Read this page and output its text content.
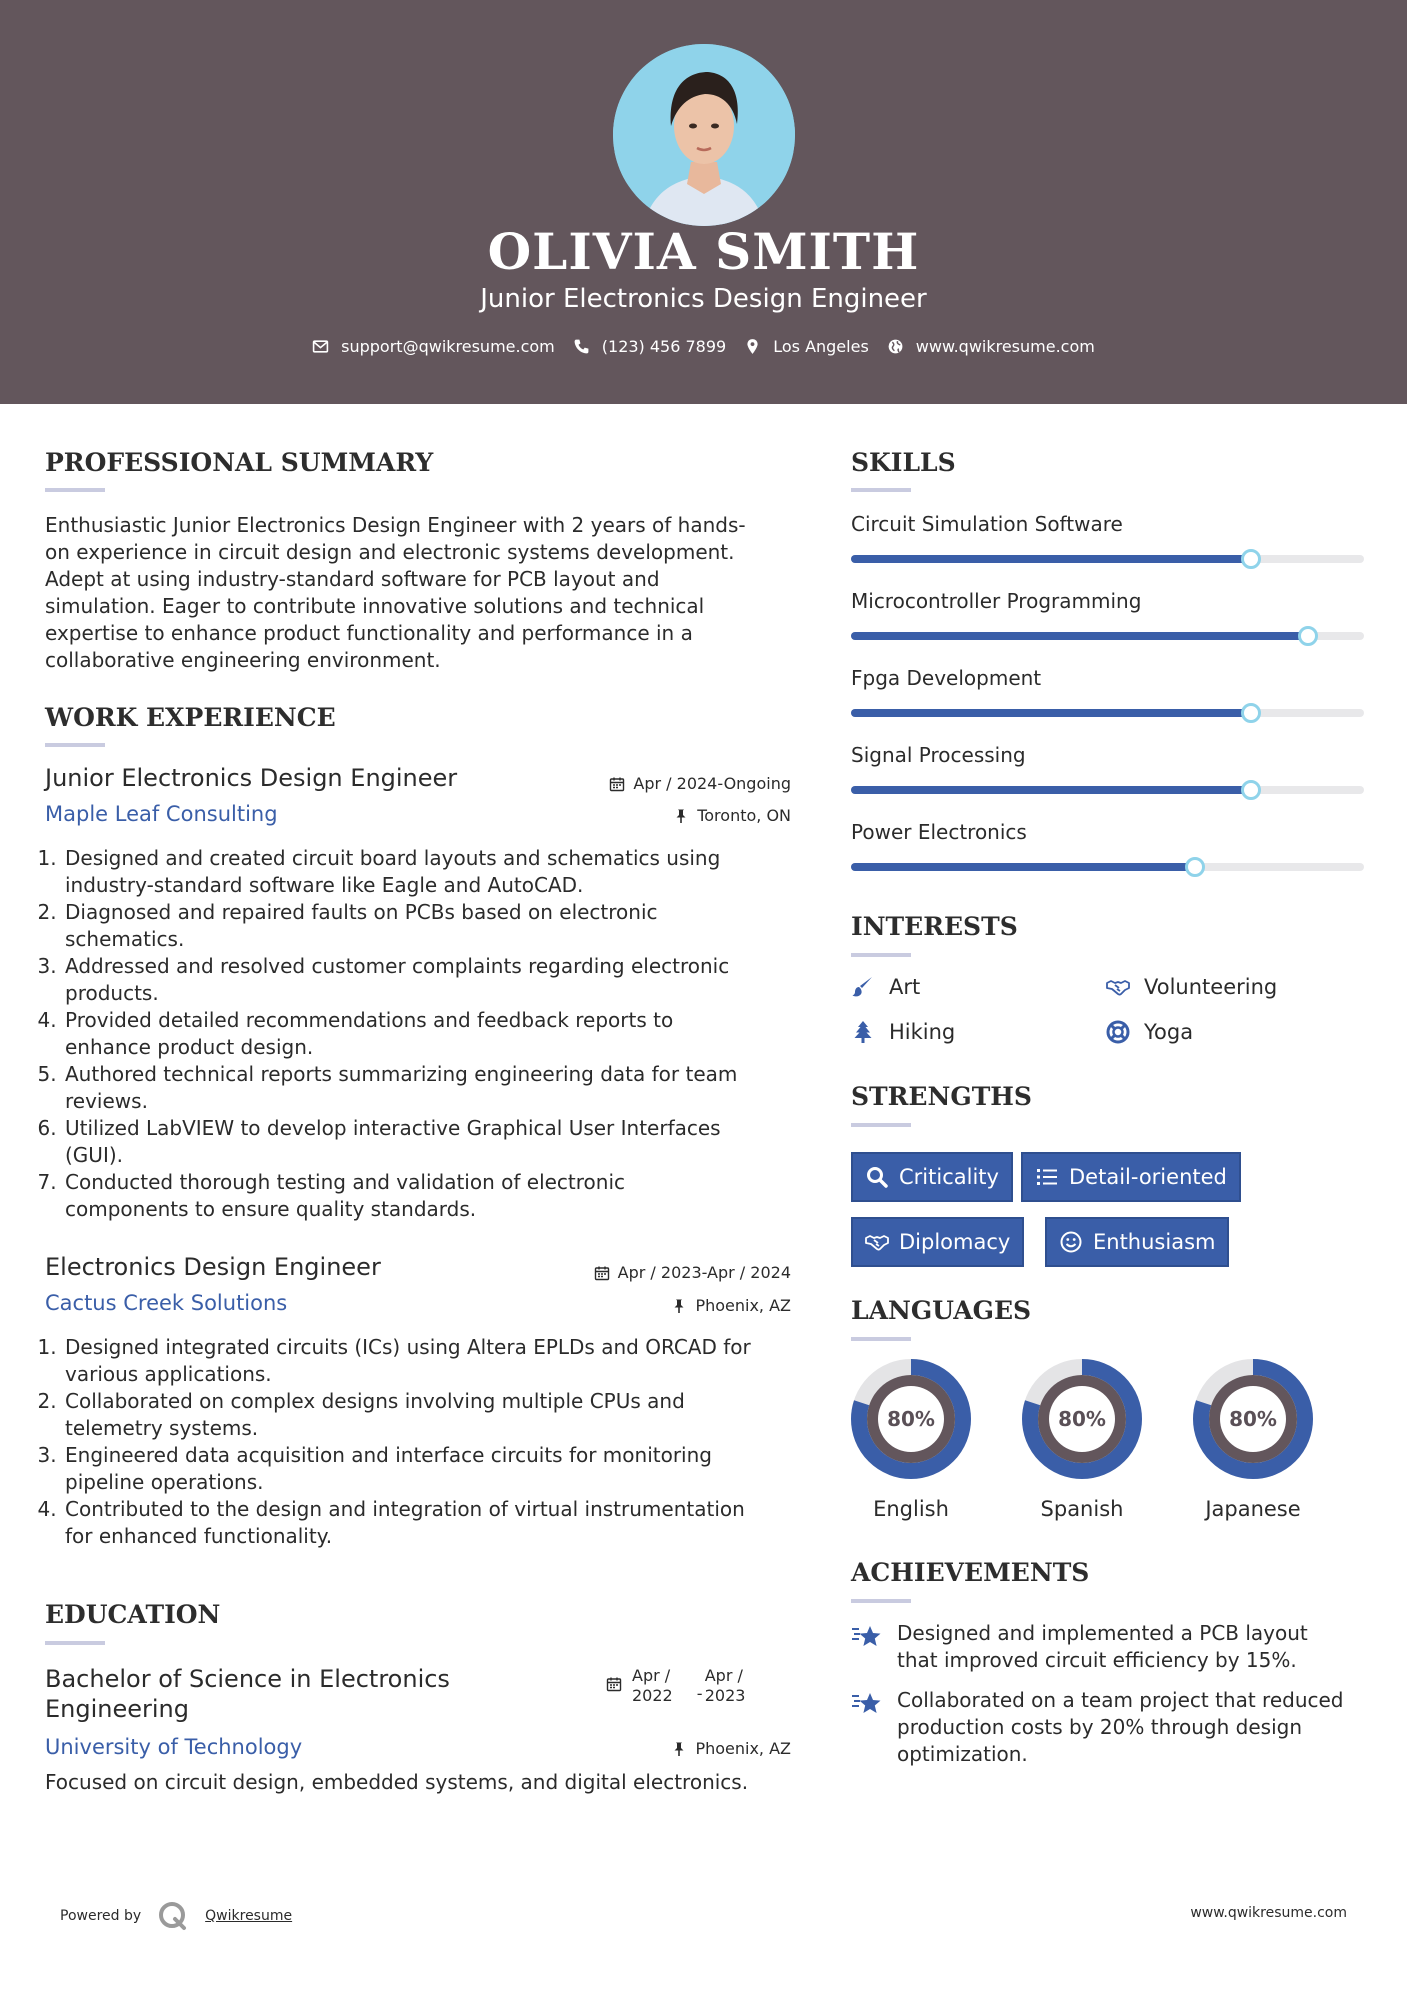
OLIVIA SMITH
Junior Electronics Design Engineer
support@qwikresume.com	(123) 456 7899	Los Angeles	www.qwikresume.com
PROFESSIONAL SUMMARY
Enthusiastic Junior Electronics Design Engineer with 2 years of hands-
on experience in circuit design and electronic systems development.
Adept at using industry-standard software for PCB layout and
simulation. Eager to contribute innovative solutions and technical
expertise to enhance product functionality and performance in a
collaborative engineering environment.
WORK EXPERIENCE
Junior Electronics Design Engineer	Apr / 2024-Ongoing
Maple Leaf Consulting	Toronto, ON
1. Designed and created circuit board layouts and schematics using
industry-standard software like Eagle and AutoCAD.
2. Diagnosed and repaired faults on PCBs based on electronic
schematics.
3. Addressed and resolved customer complaints regarding electronic
products.
4. Provided detailed recommendations and feedback reports to
enhance product design.
5. Authored technical reports summarizing engineering data for team
reviews.
6. Utilized LabVIEW to develop interactive Graphical User Interfaces
(GUI).
7. Conducted thorough testing and validation of electronic
components to ensure quality standards.
Electronics Design Engineer	Apr / 2023-Apr / 2024
Cactus Creek Solutions	Phoenix, AZ
1. Designed integrated circuits (ICs) using Altera EPLDs and ORCAD for
various applications.
2. Collaborated on complex designs involving multiple CPUs and
telemetry systems.
3. Engineered data acquisition and interface circuits for monitoring
pipeline operations.
4. Contributed to the design and integration of virtual instrumentation
for enhanced functionality.
EDUCATION
Bachelor of Science in Electronics
Engineering
Apr /
2022 -
Apr /
2023
University of Technology	Phoenix, AZ
Focused on circuit design, embedded systems, and digital electronics.
SKILLS
Circuit Simulation Software
Microcontroller Programming
Fpga Development
Signal Processing
Power Electronics
INTERESTS
Art	Volunteering
Hiking	Yoga
STRENGTHS
Criticality	Detail-oriented
Diplomacy	Enthusiasm
LANGUAGES
80%
English
80%
Spanish
80%
Japanese
ACHIEVEMENTS
Designed and implemented a PCB layout
that improved circuit efficiency by 15%.
Collaborated on a team project that reduced
production costs by 20% through design
optimization.
Powered by	Qwikresume	www.qwikresume.com
